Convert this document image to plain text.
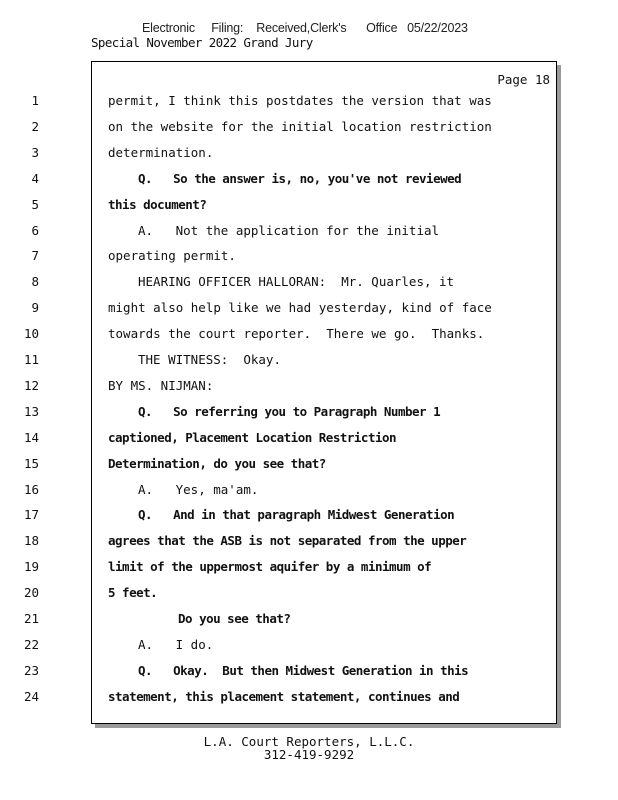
Electronic     Filing:    Received,Clerk's      Office   05/22/2023
Special November 2022 Grand Jury
Page 18
1	permit, I think this postdates the version that was
2	on the website for the initial location restriction
3	determination.
4	Q.   So the answer is, no, you've not reviewed
5	this document?
6	A.   Not the application for the initial
7	operating permit.
8	HEARING OFFICER HALLORAN:  Mr. Quarles, it
9	might also help like we had yesterday, kind of face
10	towards the court reporter.  There we go.  Thanks.
11	THE WITNESS:  Okay.
12	BY MS. NIJMAN:
13	Q.   So referring you to Paragraph Number 1
14	captioned, Placement Location Restriction
15	Determination, do you see that?
16	A.   Yes, ma'am.
17	Q.   And in that paragraph Midwest Generation
18	agrees that the ASB is not separated from the upper
19	limit of the uppermost aquifer by a minimum of
20	5 feet.
21	Do you see that?
22	A.   I do.
23	Q.   Okay.  But then Midwest Generation in this
24	statement, this placement statement, continues and
L.A. Court Reporters, L.L.C.
312-419-9292
